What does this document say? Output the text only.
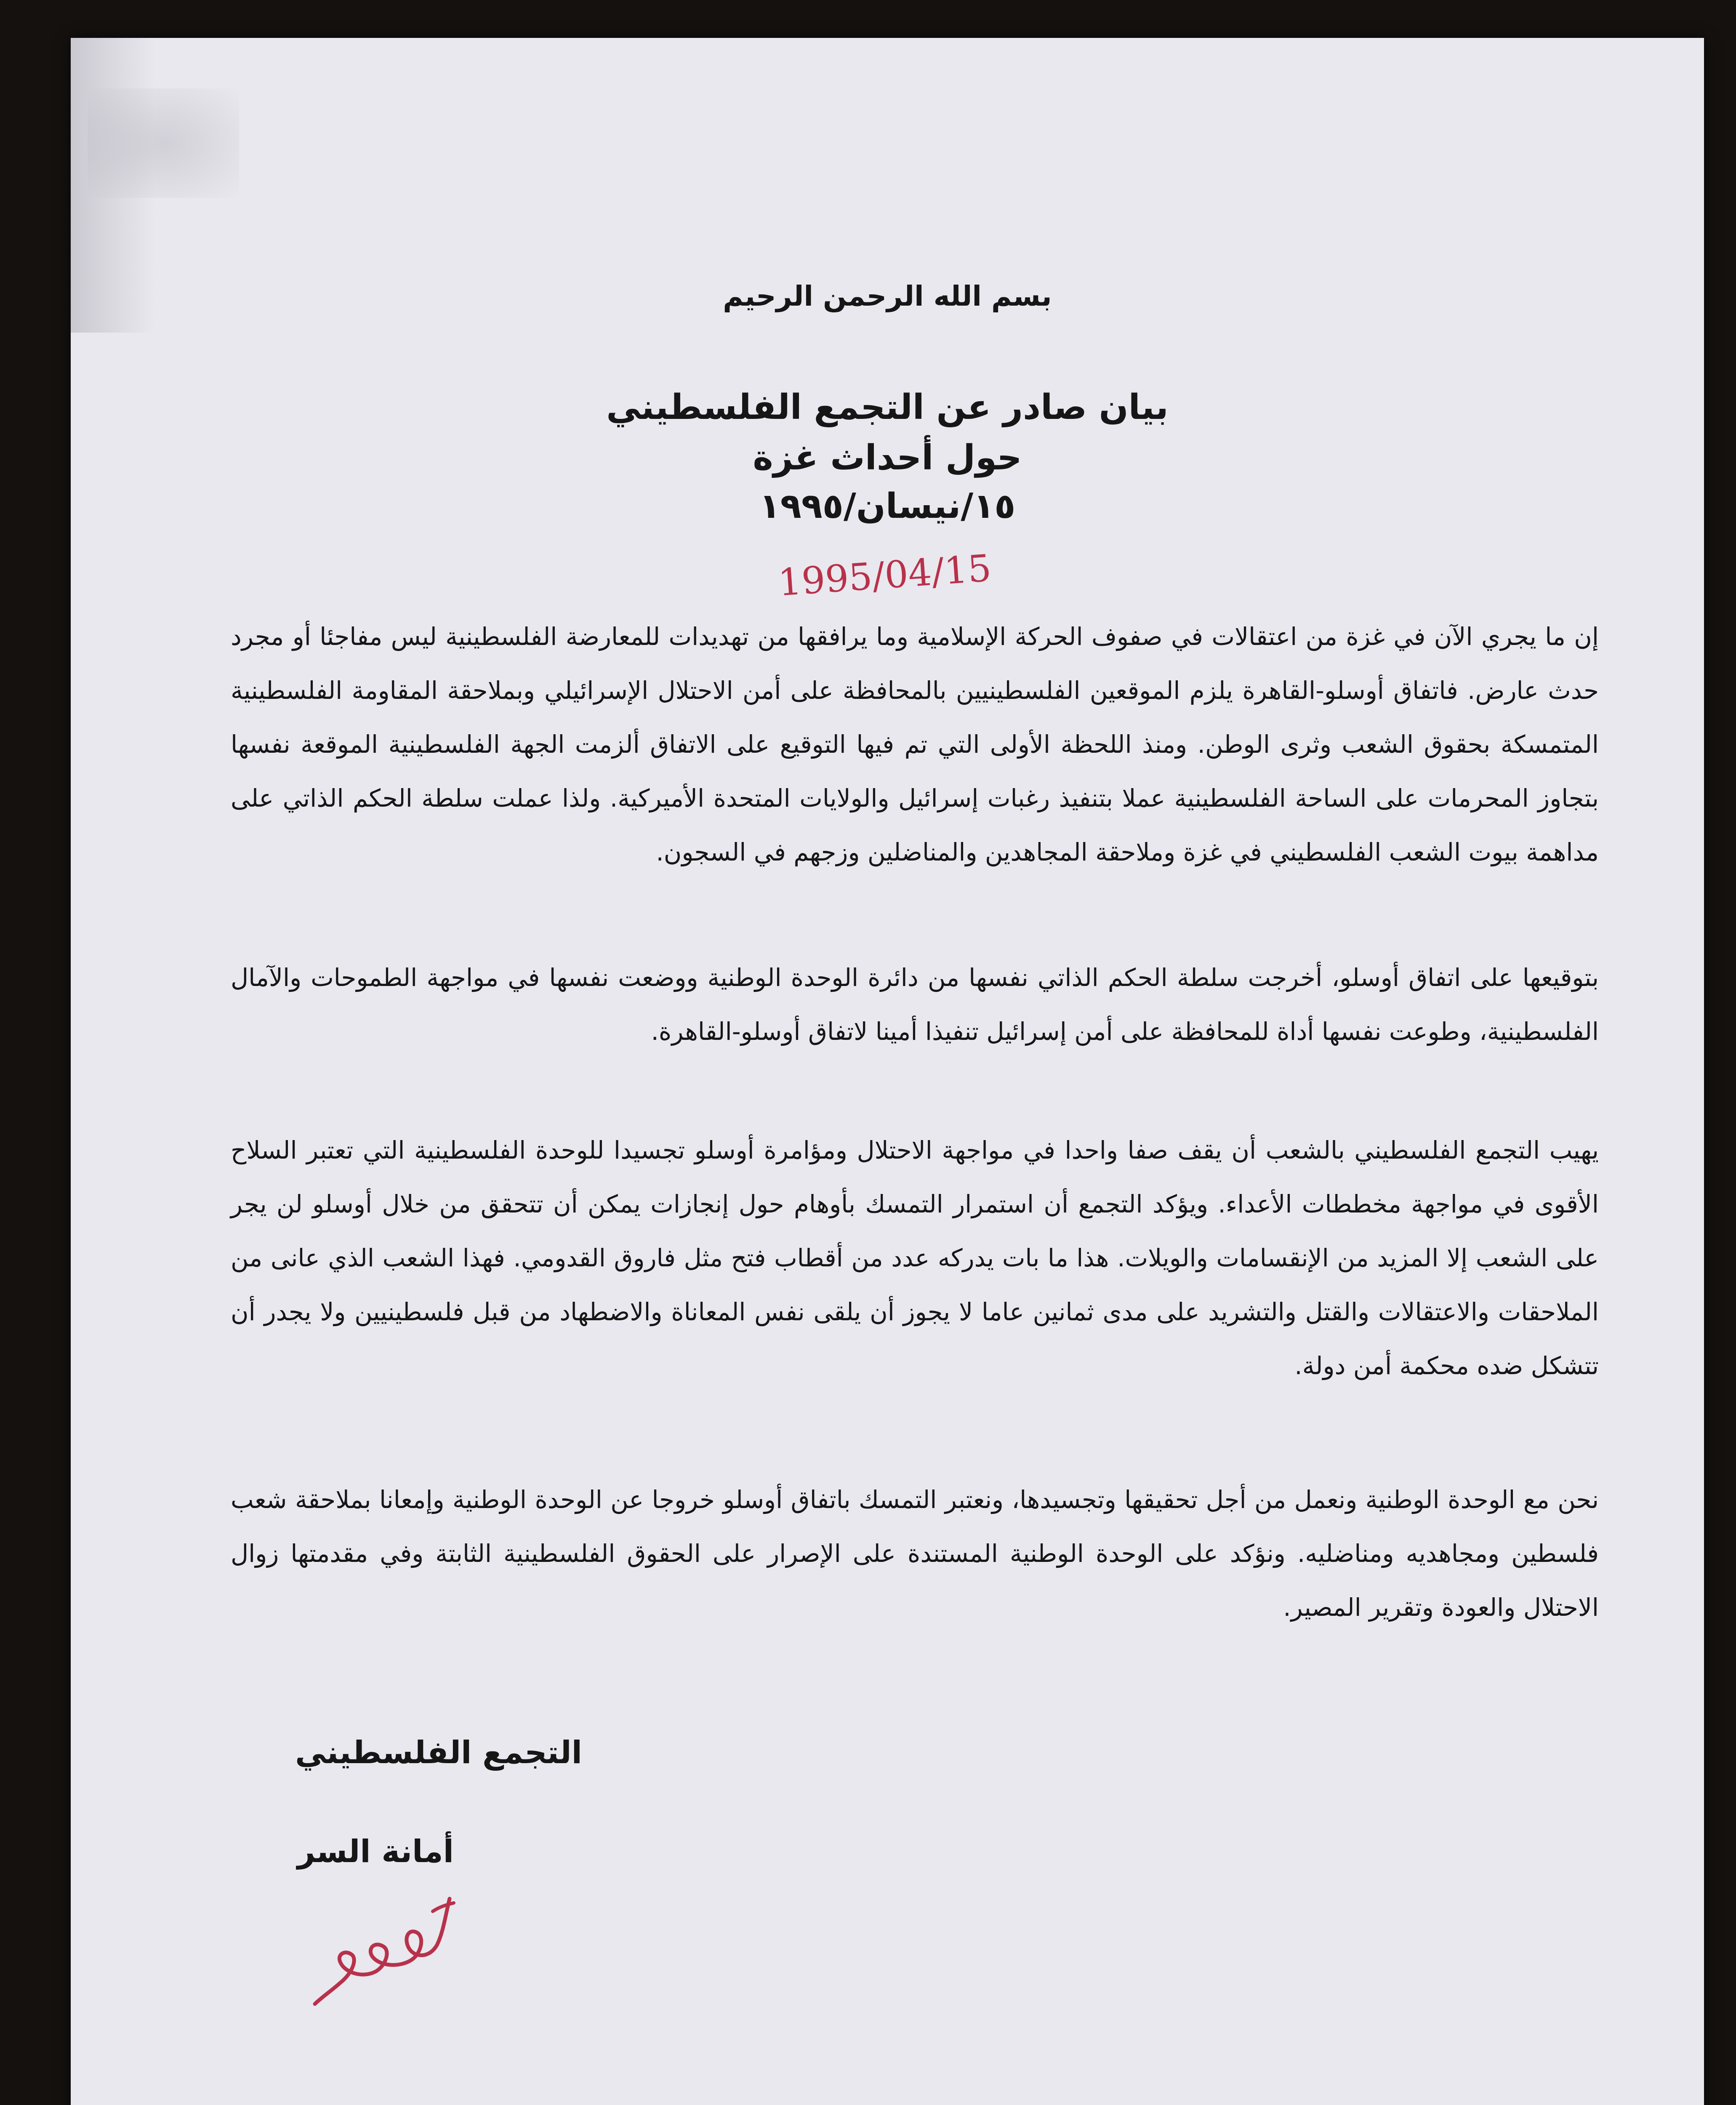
بسم الله الرحمن الرحيم
بيان صادر عن التجمع الفلسطيني
حول أحداث غزة
١٥/نيسان/١٩٩٥
1995/04/15

إن ما يجري الآن في غزة من اعتقالات في صفوف الحركة الإسلامية وما يرافقها من تهديدات للمعارضة الفلسطينية ليس مفاجئا أو مجرد حدث عارض. فاتفاق أوسلو-القاهرة يلزم الموقعين الفلسطينيين بالمحافظة على أمن الاحتلال الإسرائيلي وبملاحقة المقاومة الفلسطينية المتمسكة بحقوق الشعب وثرى الوطن. ومنذ اللحظة الأولى التي تم فيها التوقيع على الاتفاق ألزمت الجهة الفلسطينية الموقعة نفسها بتجاوز المحرمات على الساحة الفلسطينية عملا بتنفيذ رغبات إسرائيل والولايات المتحدة الأميركية. ولذا عملت سلطة الحكم الذاتي على مداهمة بيوت الشعب الفلسطيني في غزة وملاحقة المجاهدين والمناضلين وزجهم في السجون.

بتوقيعها على اتفاق أوسلو، أخرجت سلطة الحكم الذاتي نفسها من دائرة الوحدة الوطنية ووضعت نفسها في مواجهة الطموحات والآمال الفلسطينية، وطوعت نفسها أداة للمحافظة على أمن إسرائيل تنفيذا أمينا لاتفاق أوسلو-القاهرة.

يهيب التجمع الفلسطيني بالشعب أن يقف صفا واحدا في مواجهة الاحتلال ومؤامرة أوسلو تجسيدا للوحدة الفلسطينية التي تعتبر السلاح الأقوى في مواجهة مخططات الأعداء. ويؤكد التجمع أن استمرار التمسك بأوهام حول إنجازات يمكن أن تتحقق من خلال أوسلو لن يجر على الشعب إلا المزيد من الإنقسامات والويلات. هذا ما بات يدركه عدد من أقطاب فتح مثل فاروق القدومي. فهذا الشعب الذي عانى من الملاحقات والاعتقالات والقتل والتشريد على مدى ثمانين عاما لا يجوز أن يلقى نفس المعاناة والاضطهاد من قبل فلسطينيين ولا يجدر أن تتشكل ضده محكمة أمن دولة.

نحن مع الوحدة الوطنية ونعمل من أجل تحقيقها وتجسيدها، ونعتبر التمسك باتفاق أوسلو خروجا عن الوحدة الوطنية وإمعانا بملاحقة شعب فلسطين ومجاهديه ومناضليه. ونؤكد على الوحدة الوطنية المستندة على الإصرار على الحقوق الفلسطينية الثابتة وفي مقدمتها زوال الاحتلال والعودة وتقرير المصير.

التجمع الفلسطيني
أمانة السر
